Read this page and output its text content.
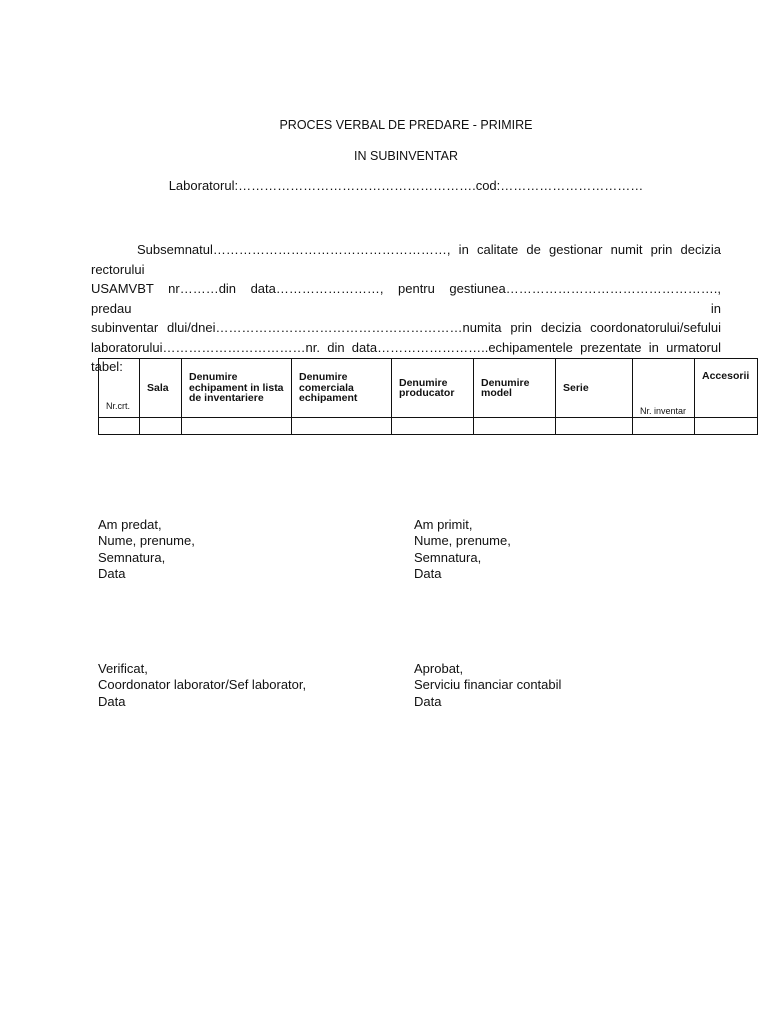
PROCES VERBAL DE PREDARE - PRIMIRE
IN SUBINVENTAR
Laboratorul:……………………………………………….cod:……………………………
Subsemnatul………………………………………………, in calitate de gestionar numit prin decizia rectorului
USAMVBT nr………din data……………………, pentru gestiunea…………………………………………., predau in
subinventar dlui/dnei…………………………………………………numita prin decizia coordonatorului/sefului
laboratorului……………………………nr. din data……………………..echipamentele prezentate in urmatorul tabel:
Nr.crt.	Sala	Denumire echipament in lista de inventariere	Denumire comerciala echipament	Denumire producator	Denumire model	Serie	Nr. inventar	Accesorii

Am predat,
Nume, prenume,
Semnatura,
Data
Am primit,
Nume, prenume,
Semnatura,
Data
Verificat,
Coordonator laborator/Sef laborator,
Data
Aprobat,
Serviciu financiar contabil
Data
